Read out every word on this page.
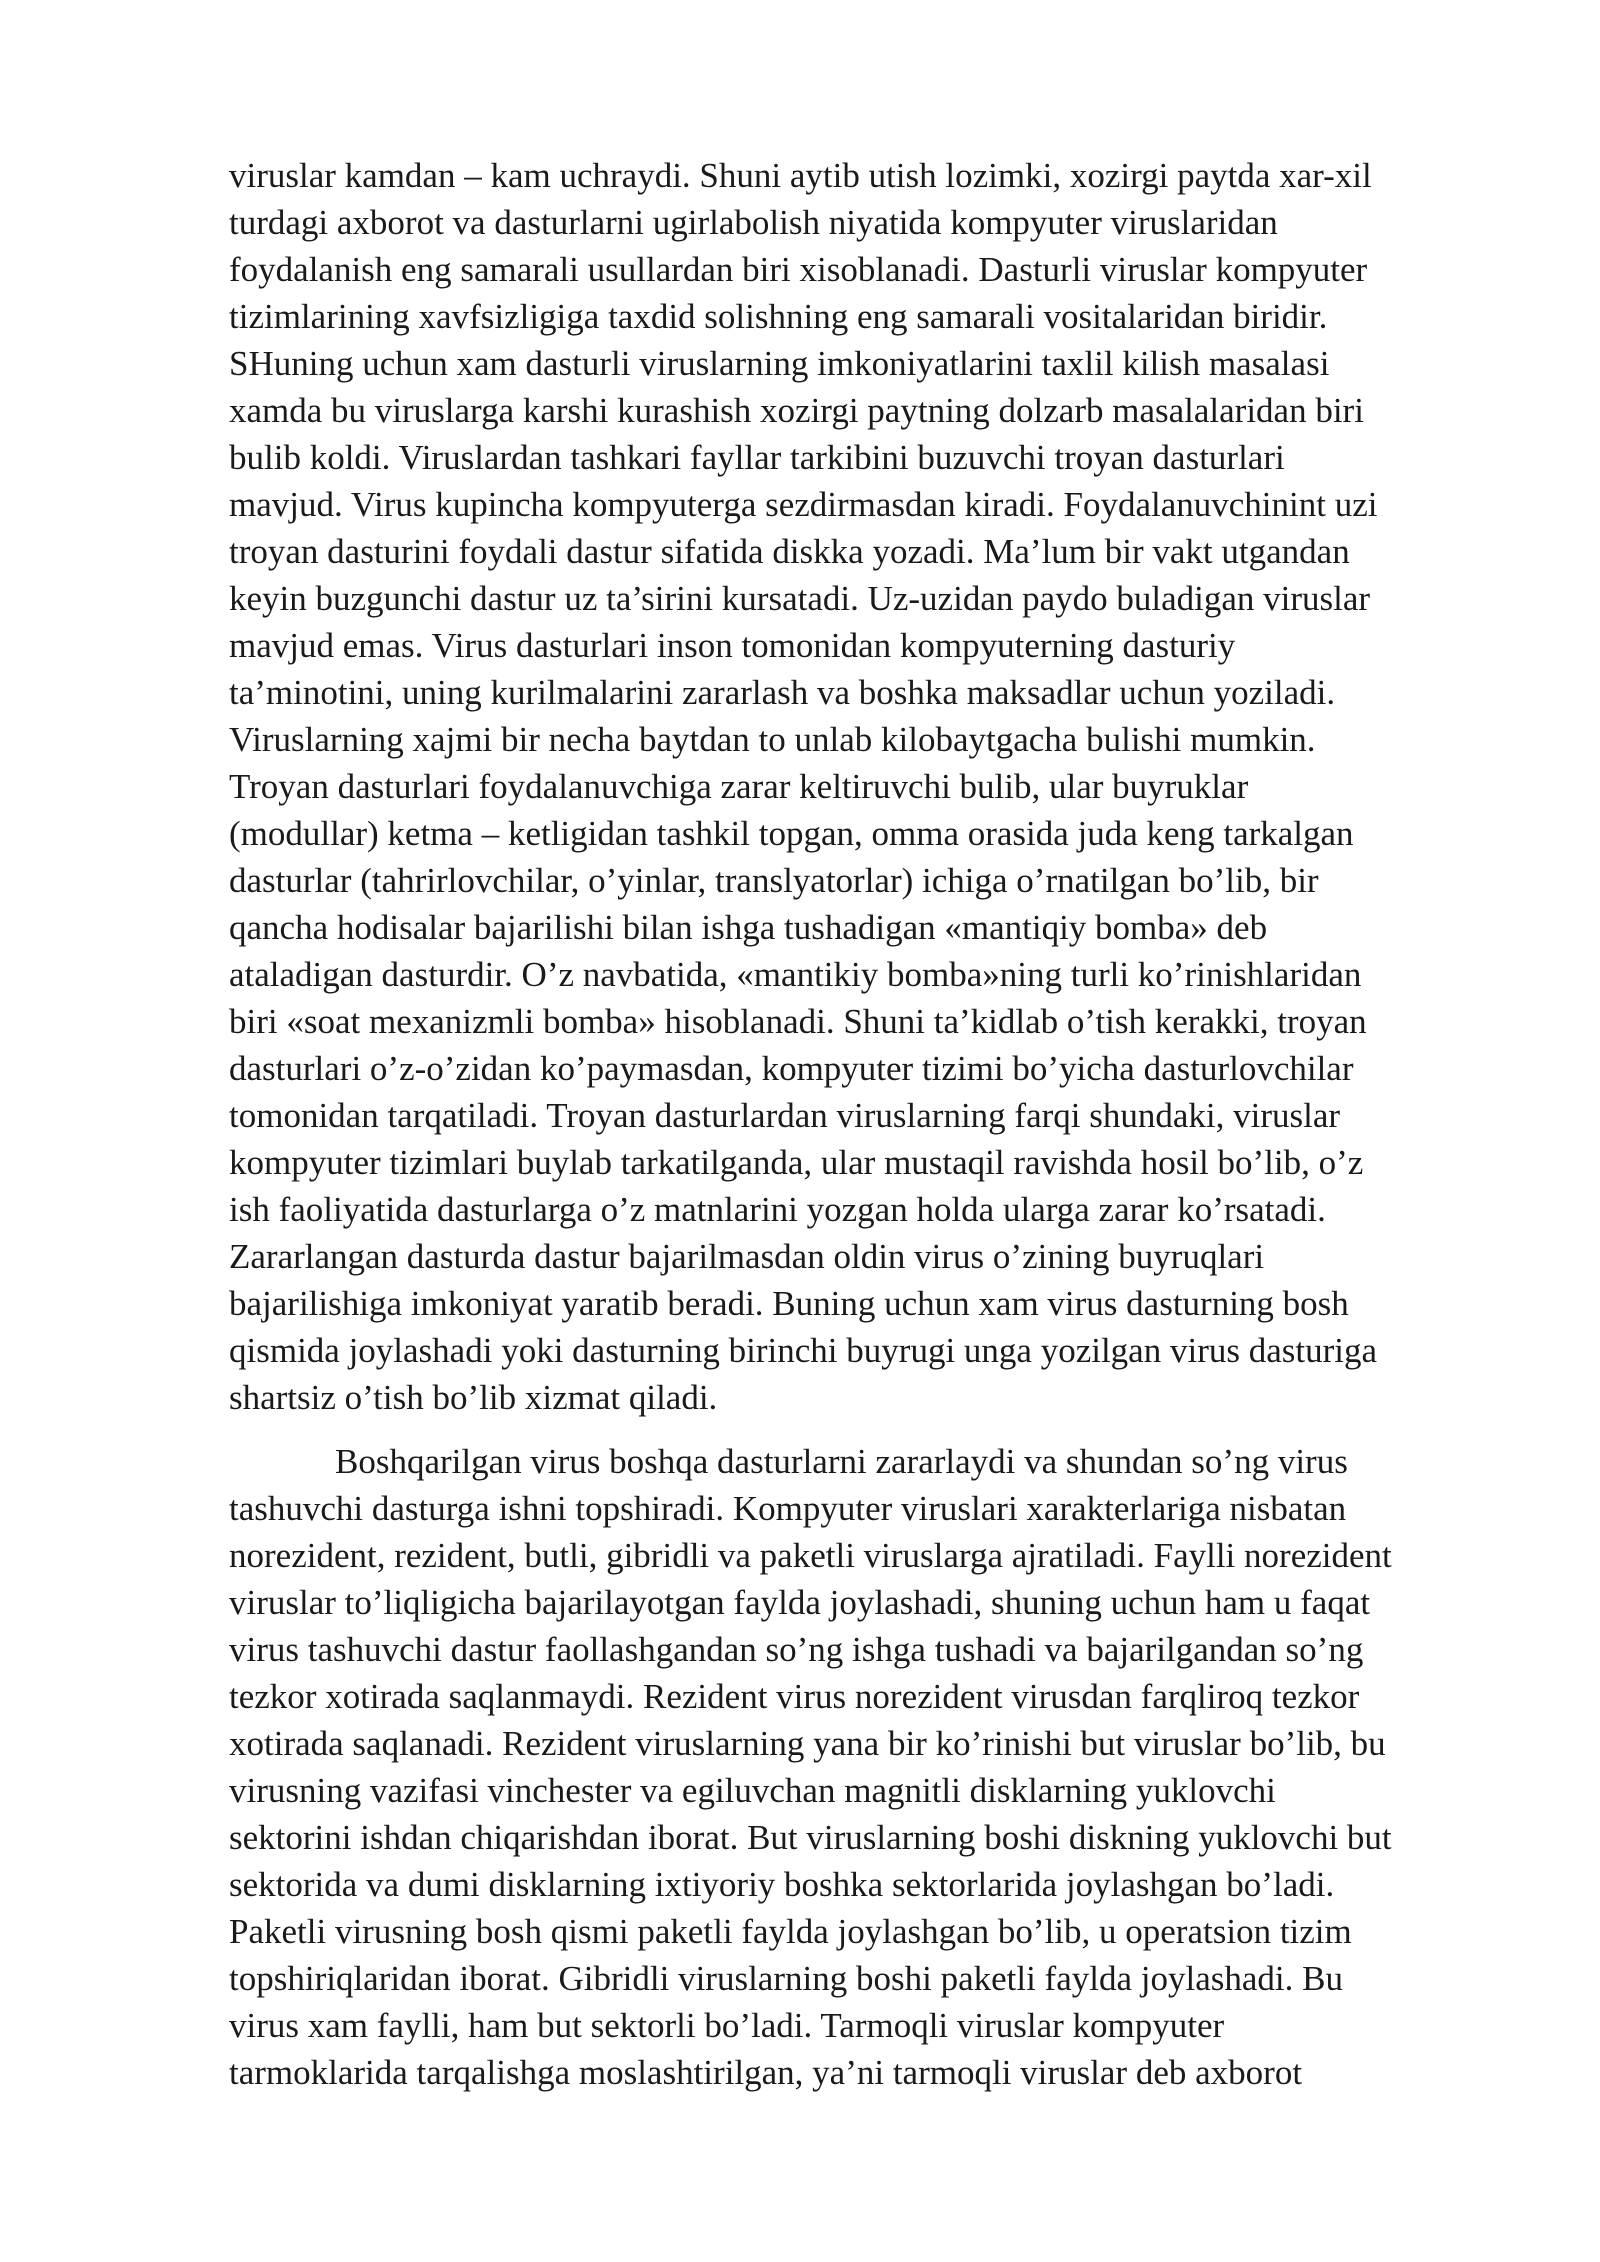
viruslar kamdan – kam uchraydi. Shuni aytib utish lozimki, xozirgi paytda xar-xil
turdagi axborot va dasturlarni ugirlabolish niyatida kompyuter viruslaridan
foydalanish eng samarali usullardan biri xisoblanadi. Dasturli viruslar kompyuter
tizimlarining xavfsizligiga taxdid solishning eng samarali vositalaridan biridir.
SHuning uchun xam dasturli viruslarning imkoniyatlarini taxlil kilish masalasi
xamda bu viruslarga karshi kurashish xozirgi paytning dolzarb masalalaridan biri
bulib koldi. Viruslardan tashkari fayllar tarkibini buzuvchi troyan dasturlari
mavjud. Virus kupincha kompyuterga sezdirmasdan kiradi. Foydalanuvchinint uzi
troyan dasturini foydali dastur sifatida diskka yozadi. Ma’lum bir vakt utgandan
keyin buzgunchi dastur uz ta’sirini kursatadi. Uz-uzidan paydo buladigan viruslar
mavjud emas. Virus dasturlari inson tomonidan kompyuterning dasturiy
ta’minotini, uning kurilmalarini zararlash va boshka maksadlar uchun yoziladi.
Viruslarning xajmi bir necha baytdan to unlab kilobaytgacha bulishi mumkin.
Troyan dasturlari foydalanuvchiga zarar keltiruvchi bulib, ular buyruklar
(modullar) ketma – ketligidan tashkil topgan, omma orasida juda keng tarkalgan
dasturlar (tahrirlovchilar, o’yinlar, translyatorlar) ichiga o’rnatilgan bo’lib, bir
qancha hodisalar bajarilishi bilan ishga tushadigan «mantiqiy bomba» deb
ataladigan dasturdir. O’z navbatida, «mantikiy bomba»ning turli ko’rinishlaridan
biri «soat mexanizmli bomba» hisoblanadi. Shuni ta’kidlab o’tish kerakki, troyan
dasturlari o’z-o’zidan ko’paymasdan, kompyuter tizimi bo’yicha dasturlovchilar
tomonidan tarqatiladi. Troyan dasturlardan viruslarning farqi shundaki, viruslar
kompyuter tizimlari buylab tarkatilganda, ular mustaqil ravishda hosil bo’lib, o’z
ish faoliyatida dasturlarga o’z matnlarini yozgan holda ularga zarar ko’rsatadi.
Zararlangan dasturda dastur bajarilmasdan oldin virus o’zining buyruqlari
bajarilishiga imkoniyat yaratib beradi. Buning uchun xam virus dasturning bosh
qismida joylashadi yoki dasturning birinchi buyrugi unga yozilgan virus dasturiga
shartsiz o’tish bo’lib xizmat qiladi.

Boshqarilgan virus boshqa dasturlarni zararlaydi va shundan so’ng virus
tashuvchi dasturga ishni topshiradi. Kompyuter viruslari xarakterlariga nisbatan
norezident, rezident, butli, gibridli va paketli viruslarga ajratiladi. Faylli norezident
viruslar to’liqligicha bajarilayotgan faylda joylashadi, shuning uchun ham u faqat
virus tashuvchi dastur faollashgandan so’ng ishga tushadi va bajarilgandan so’ng
tezkor xotirada saqlanmaydi. Rezident virus norezident virusdan farqliroq tezkor
xotirada saqlanadi. Rezident viruslarning yana bir ko’rinishi but viruslar bo’lib, bu
virusning vazifasi vinchester va egiluvchan magnitli disklarning yuklovchi
sektorini ishdan chiqarishdan iborat. But viruslarning boshi diskning yuklovchi but
sektorida va dumi disklarning ixtiyoriy boshka sektorlarida joylashgan bo’ladi.
Paketli virusning bosh qismi paketli faylda joylashgan bo’lib, u operatsion tizim
topshiriqlaridan iborat. Gibridli viruslarning boshi paketli faylda joylashadi. Bu
virus xam faylli, ham but sektorli bo’ladi. Tarmoqli viruslar kompyuter
tarmoklarida tarqalishga moslashtirilgan, ya’ni tarmoqli viruslar deb axborot
